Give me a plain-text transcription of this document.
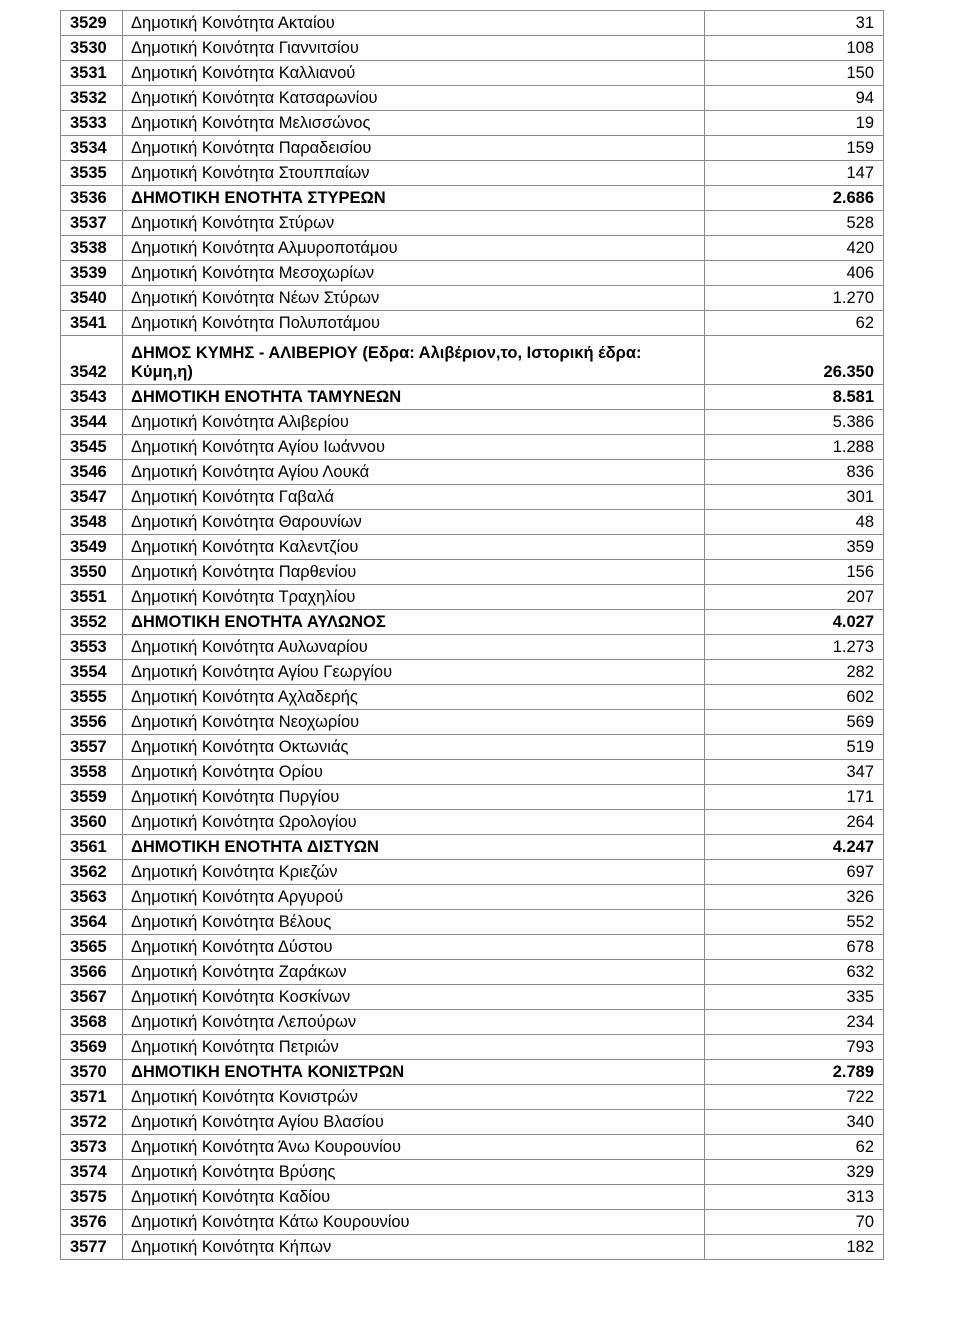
3529	Δημοτική Κοινότητα Ακταίου	31
3530	Δημοτική Κοινότητα Γιαννιτσίου	108
3531	Δημοτική Κοινότητα Καλλιανού	150
3532	Δημοτική Κοινότητα Κατσαρωνίου	94
3533	Δημοτική Κοινότητα Μελισσώνος	19
3534	Δημοτική Κοινότητα Παραδεισίου	159
3535	Δημοτική Κοινότητα Στουππαίων	147
3536	ΔΗΜΟΤΙΚΗ ΕΝΟΤΗΤΑ ΣΤΥΡΕΩΝ	2.686
3537	Δημοτική Κοινότητα Στύρων	528
3538	Δημοτική Κοινότητα Αλμυροποτάμου	420
3539	Δημοτική Κοινότητα Μεσοχωρίων	406
3540	Δημοτική Κοινότητα Νέων Στύρων	1.270
3541	Δημοτική Κοινότητα Πολυποτάμου	62
3542	ΔΗΜΟΣ ΚΥΜΗΣ - ΑΛΙΒΕΡΙΟΥ (Εδρα: Αλιβέριον,το, Ιστορική έδρα: Κύμη,η)	26.350
3543	ΔΗΜΟΤΙΚΗ ΕΝΟΤΗΤΑ ΤΑΜΥΝΕΩΝ	8.581
3544	Δημοτική Κοινότητα Αλιβερίου	5.386
3545	Δημοτική Κοινότητα Αγίου Ιωάννου	1.288
3546	Δημοτική Κοινότητα Αγίου Λουκά	836
3547	Δημοτική Κοινότητα Γαβαλά	301
3548	Δημοτική Κοινότητα Θαρουνίων	48
3549	Δημοτική Κοινότητα Καλεντζίου	359
3550	Δημοτική Κοινότητα Παρθενίου	156
3551	Δημοτική Κοινότητα Τραχηλίου	207
3552	ΔΗΜΟΤΙΚΗ ΕΝΟΤΗΤΑ ΑΥΛΩΝΟΣ	4.027
3553	Δημοτική Κοινότητα Αυλωναρίου	1.273
3554	Δημοτική Κοινότητα Αγίου Γεωργίου	282
3555	Δημοτική Κοινότητα Αχλαδερής	602
3556	Δημοτική Κοινότητα Νεοχωρίου	569
3557	Δημοτική Κοινότητα Οκτωνιάς	519
3558	Δημοτική Κοινότητα Ορίου	347
3559	Δημοτική Κοινότητα Πυργίου	171
3560	Δημοτική Κοινότητα Ωρολογίου	264
3561	ΔΗΜΟΤΙΚΗ ΕΝΟΤΗΤΑ ΔΙΣΤΥΩΝ	4.247
3562	Δημοτική Κοινότητα Κριεζών	697
3563	Δημοτική Κοινότητα Αργυρού	326
3564	Δημοτική Κοινότητα Βέλους	552
3565	Δημοτική Κοινότητα Δύστου	678
3566	Δημοτική Κοινότητα Ζαράκων	632
3567	Δημοτική Κοινότητα Κοσκίνων	335
3568	Δημοτική Κοινότητα Λεπούρων	234
3569	Δημοτική Κοινότητα Πετριών	793
3570	ΔΗΜΟΤΙΚΗ ΕΝΟΤΗΤΑ ΚΟΝΙΣΤΡΩΝ	2.789
3571	Δημοτική Κοινότητα Κονιστρών	722
3572	Δημοτική Κοινότητα Αγίου Βλασίου	340
3573	Δημοτική Κοινότητα Άνω Κουρουνίου	62
3574	Δημοτική Κοινότητα Βρύσης	329
3575	Δημοτική Κοινότητα Καδίου	313
3576	Δημοτική Κοινότητα Κάτω Κουρουνίου	70
3577	Δημοτική Κοινότητα Κήπων	182
